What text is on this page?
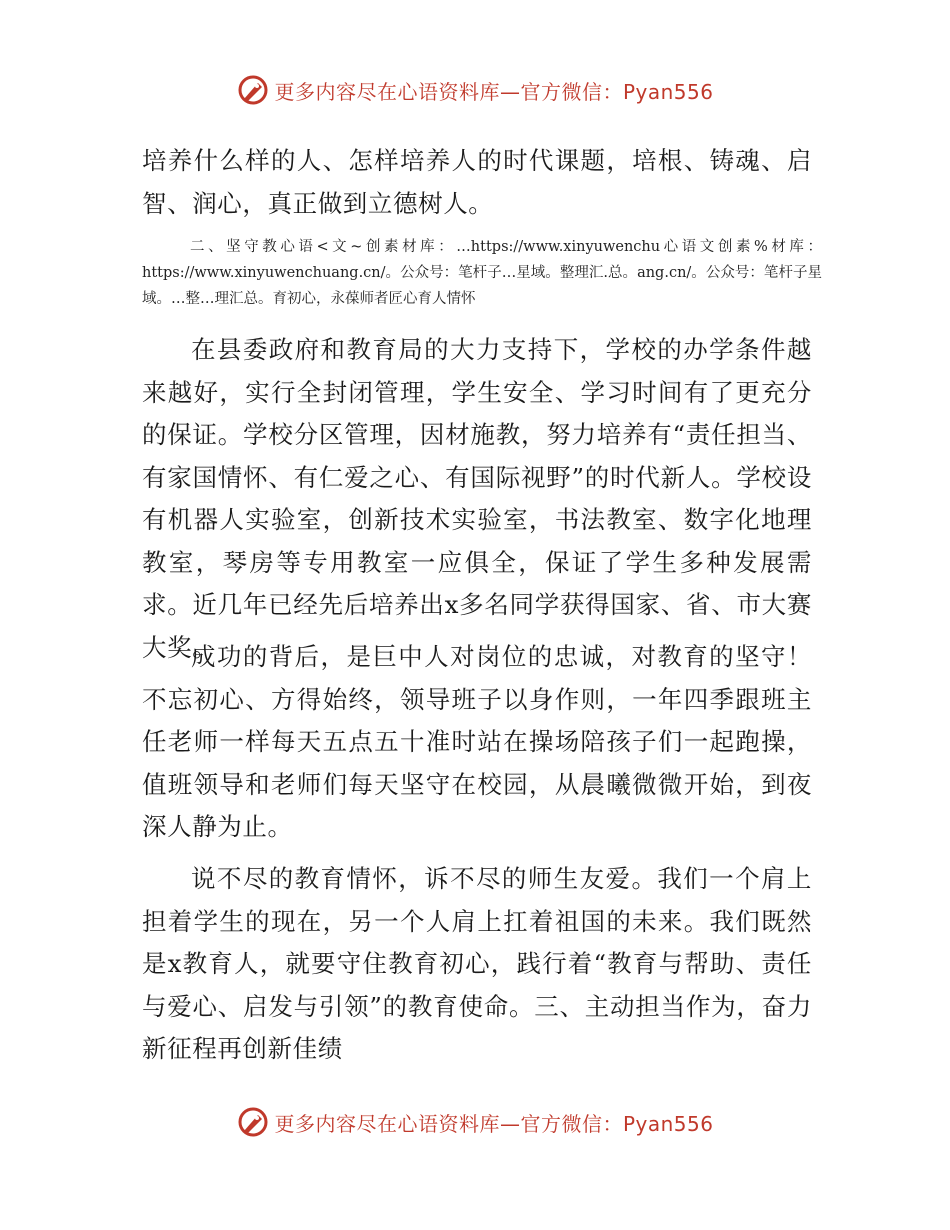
更多内容尽在心语资料库—官方微信：Pyan556

培养什么样的人、怎样培养人的时代课题，培根、铸魂、启智、润心，真正做到立德树人。

二、坚守教心语<文~创素材库：…https://www.xinyuwenchu心语文创素%材库：https://www.xinyuwenchuang.cn/。公众号：笔杆子…星域。整理汇.总。ang.cn/。公众号：笔杆子星域。…整…理汇总。育初心，永葆师者匠心育人情怀

在县委政府和教育局的大力支持下，学校的办学条件越来越好，实行全封闭管理，学生安全、学习时间有了更充分的保证。学校分区管理，因材施教，努力培养有“责任担当、有家国情怀、有仁爱之心、有国际视野”的时代新人。学校设有机器人实验室，创新技术实验室，书法教室、数字化地理教室，琴房等专用教室一应俱全，保证了学生多种发展需求。近几年已经先后培养出x多名同学获得国家、省、市大赛大奖。

成功的背后，是巨中人对岗位的忠诚，对教育的坚守！不忘初心、方得始终，领导班子以身作则，一年四季跟班主任老师一样每天五点五十准时站在操场陪孩子们一起跑操，值班领导和老师们每天坚守在校园，从晨曦微微开始，到夜深人静为止。

说不尽的教育情怀，诉不尽的师生友爱。我们一个肩上担着学生的现在，另一个人肩上扛着祖国的未来。我们既然是x教育人，就要守住教育初心，践行着“教育与帮助、责任与爱心、启发与引领”的教育使命。三、主动担当作为，奋力新征程再创新佳绩

更多内容尽在心语资料库—官方微信：Pyan556
